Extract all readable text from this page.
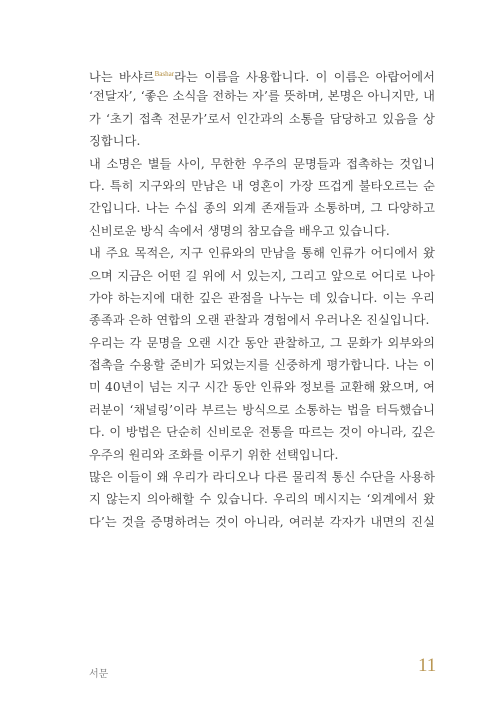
나는 바샤르$^{Bashar}$라는 이름을 사용합니다. 이 이름은 아랍어에서
‘전달자’, ‘좋은 소식을 전하는 자’를 뜻하며, 본명은 아니지만, 내
가 ‘초기 접촉 전문가’로서 인간과의 소통을 담당하고 있음을 상
징합니다.
내 소명은 별들 사이, 무한한 우주의 문명들과 접촉하는 것입니
다. 특히 지구와의 만남은 내 영혼이 가장 뜨겁게 불타오르는 순
간입니다. 나는 수십 종의 외계 존재들과 소통하며, 그 다양하고
신비로운 방식 속에서 생명의 참모습을 배우고 있습니다.
내 주요 목적은, 지구 인류와의 만남을 통해 인류가 어디에서 왔
으며 지금은 어떤 길 위에 서 있는지, 그리고 앞으로 어디로 나아
가야 하는지에 대한 깊은 관점을 나누는 데 있습니다. 이는 우리
종족과 은하 연합의 오랜 관찰과 경험에서 우러나온 진실입니다.
우리는 각 문명을 오랜 시간 동안 관찰하고, 그 문화가 외부와의
접촉을 수용할 준비가 되었는지를 신중하게 평가합니다. 나는 이
미 40년이 넘는 지구 시간 동안 인류와 정보를 교환해 왔으며, 여
러분이 ‘채널링’이라 부르는 방식으로 소통하는 법을 터득했습니
다. 이 방법은 단순히 신비로운 전통을 따르는 것이 아니라, 깊은
우주의 원리와 조화를 이루기 위한 선택입니다.
많은 이들이 왜 우리가 라디오나 다른 물리적 통신 수단을 사용하
지 않는지 의아해할 수 있습니다. 우리의 메시지는 ‘외계에서 왔
다’는 것을 증명하려는 것이 아니라, 여러분 각자가 내면의 진실
서문	11
